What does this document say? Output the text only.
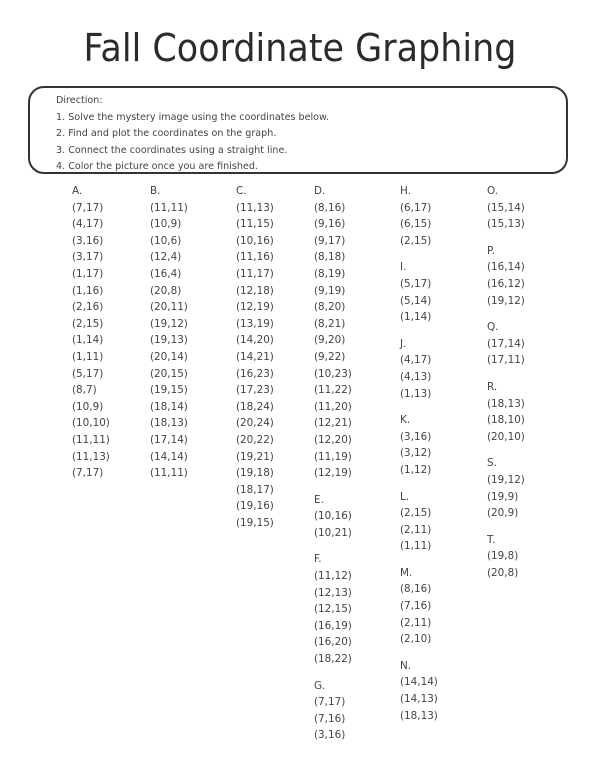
Fall Coordinate Graphing
Direction:
1. Solve the mystery image using the coordinates below.
2. Find and plot the coordinates on the graph.
3. Connect the coordinates using a straight line.
4. Color the picture once you are finished.
A.
(7,17)
(4,17)
(3,16)
(3,17)
(1,17)
(1,16)
(2,16)
(2,15)
(1,14)
(1,11)
(5,17)
(8,7)
(10,9)
(10,10)
(11,11)
(11,13)
(7,17)
B.
(11,11)
(10,9)
(10,6)
(12,4)
(16,4)
(20,8)
(20,11)
(19,12)
(19,13)
(20,14)
(20,15)
(19,15)
(18,14)
(18,13)
(17,14)
(14,14)
(11,11)
C.
(11,13)
(11,15)
(10,16)
(11,16)
(11,17)
(12,18)
(12,19)
(13,19)
(14,20)
(14,21)
(16,23)
(17,23)
(18,24)
(20,24)
(20,22)
(19,21)
(19,18)
(18,17)
(19,16)
(19,15)
D.
(8,16)
(9,16)
(9,17)
(8,18)
(8,19)
(9,19)
(8,20)
(8,21)
(9,20)
(9,22)
(10,23)
(11,22)
(11,20)
(12,21)
(12,20)
(11,19)
(12,19)
E.
(10,16)
(10,21)
F.
(11,12)
(12,13)
(12,15)
(16,19)
(16,20)
(18,22)
G.
(7,17)
(7,16)
(3,16)
H.
(6,17)
(6,15)
(2,15)
I.
(5,17)
(5,14)
(1,14)
J.
(4,17)
(4,13)
(1,13)
K.
(3,16)
(3,12)
(1,12)
L.
(2,15)
(2,11)
(1,11)
M.
(8,16)
(7,16)
(2,11)
(2,10)
N.
(14,14)
(14,13)
(18,13)
O.
(15,14)
(15,13)
P.
(16,14)
(16,12)
(19,12)
Q.
(17,14)
(17,11)
R.
(18,13)
(18,10)
(20,10)
S.
(19,12)
(19,9)
(20,9)
T.
(19,8)
(20,8)
